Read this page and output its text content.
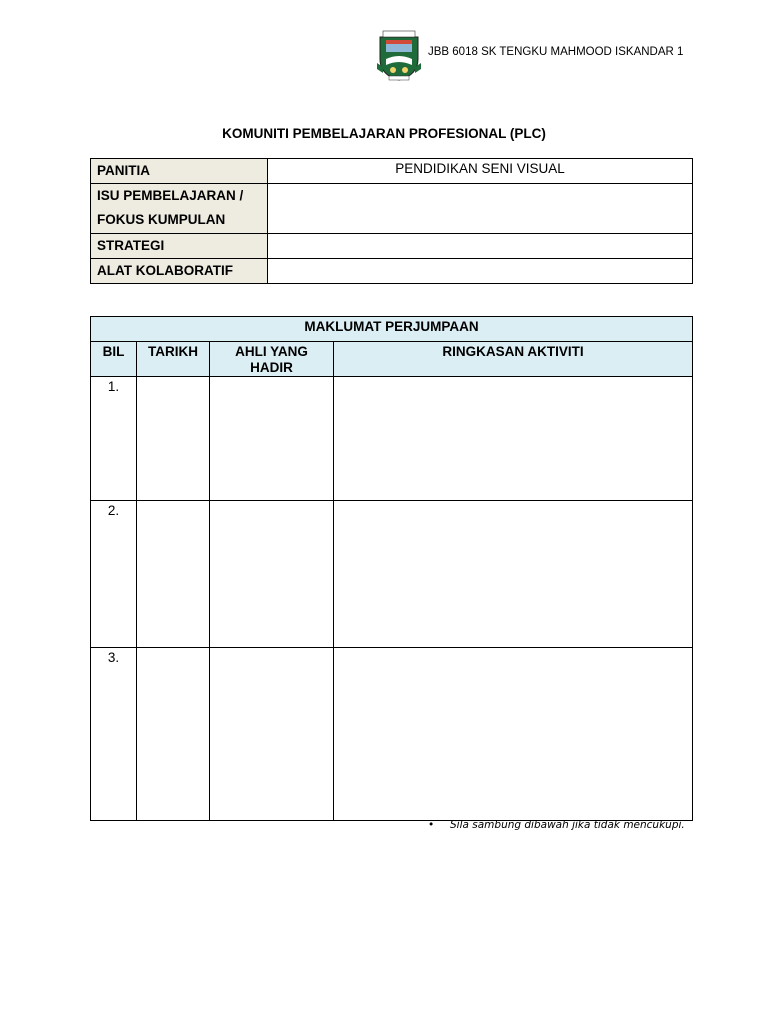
JBB 6018 SK TENGKU MAHMOOD ISKANDAR 1
KOMUNITI PEMBELAJARAN PROFESIONAL (PLC)
PANITIA	PENDIDIKAN SENI VISUAL

ISU PEMBELAJARAN /
FOKUS KUMPULAN	

STRATEGI	
ALAT KOLABORATIF	
MAKLUMAT PERJUMPAAN			
BIL	TARIKH	AHLI YANG HADIR	RINGKASAN AKTIVITI
1.			
2.			
3.			
• Sila sambung dibawah jika tidak mencukupi.
